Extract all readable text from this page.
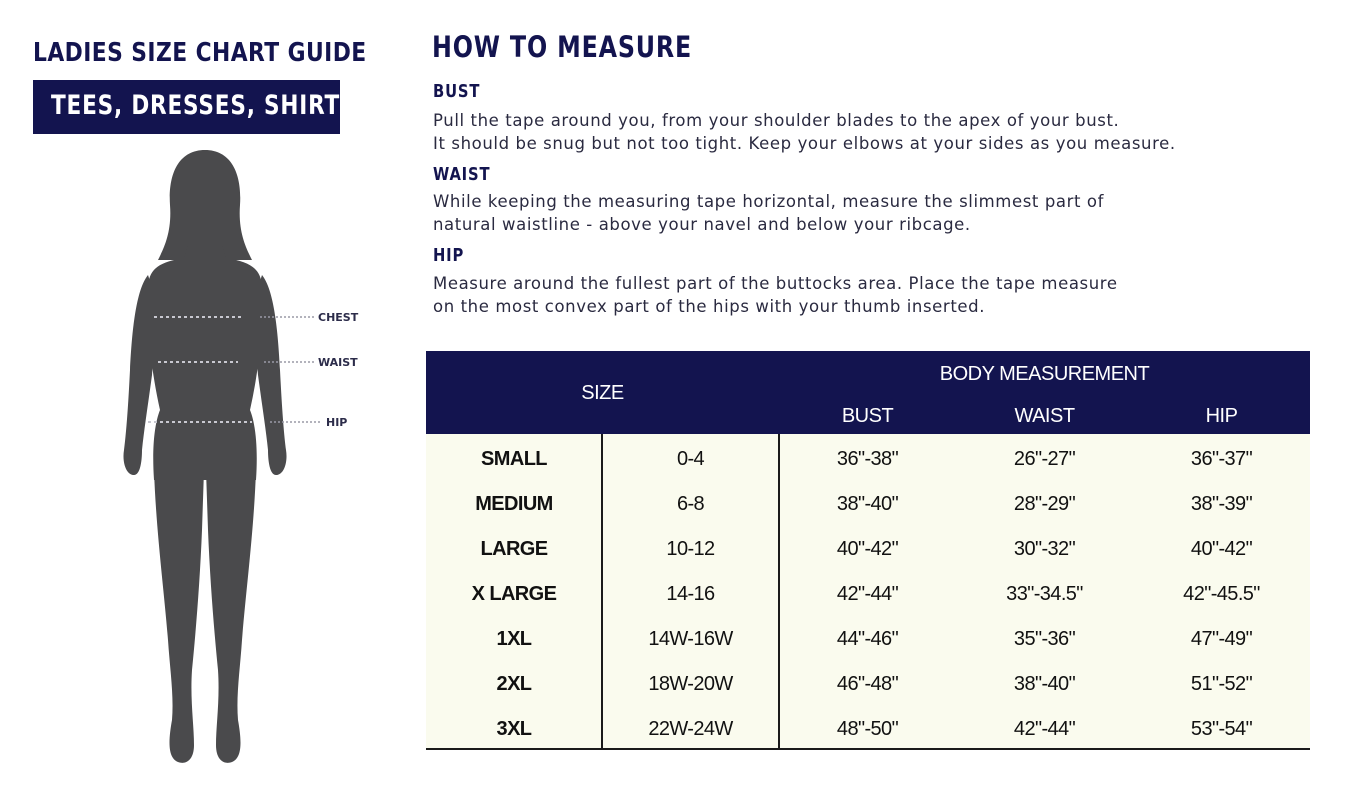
LADIES SIZE CHART GUIDE
TEES, DRESSES, SHIRTS
CHEST
WAIST
HIP
HOW TO MEASURE
BUST
Pull the tape around you, from your shoulder blades to the apex of your bust.
It should be snug but not too tight. Keep your elbows at your sides as you measure.
WAIST
While keeping the measuring tape horizontal, measure the slimmest part of
natural waistline - above your navel and below your ribcage.
HIP
Measure around the fullest part of the buttocks area. Place the tape measure
on the most convex part of the hips with your thumb inserted.
SIZE
BODY MEASUREMENT
BUST	WAIST	HIP
SMALL	0-4	36"-38"	26"-27"	36"-37"
MEDIUM	6-8	38"-40"	28"-29"	38"-39"
LARGE	10-12	40"-42"	30"-32"	40"-42"
X LARGE	14-16	42"-44"	33"-34.5"	42"-45.5"
1XL	14W-16W	44"-46"	35"-36"	47"-49"
2XL	18W-20W	46"-48"	38"-40"	51"-52"
3XL	22W-24W	48"-50"	42"-44"	53"-54"
